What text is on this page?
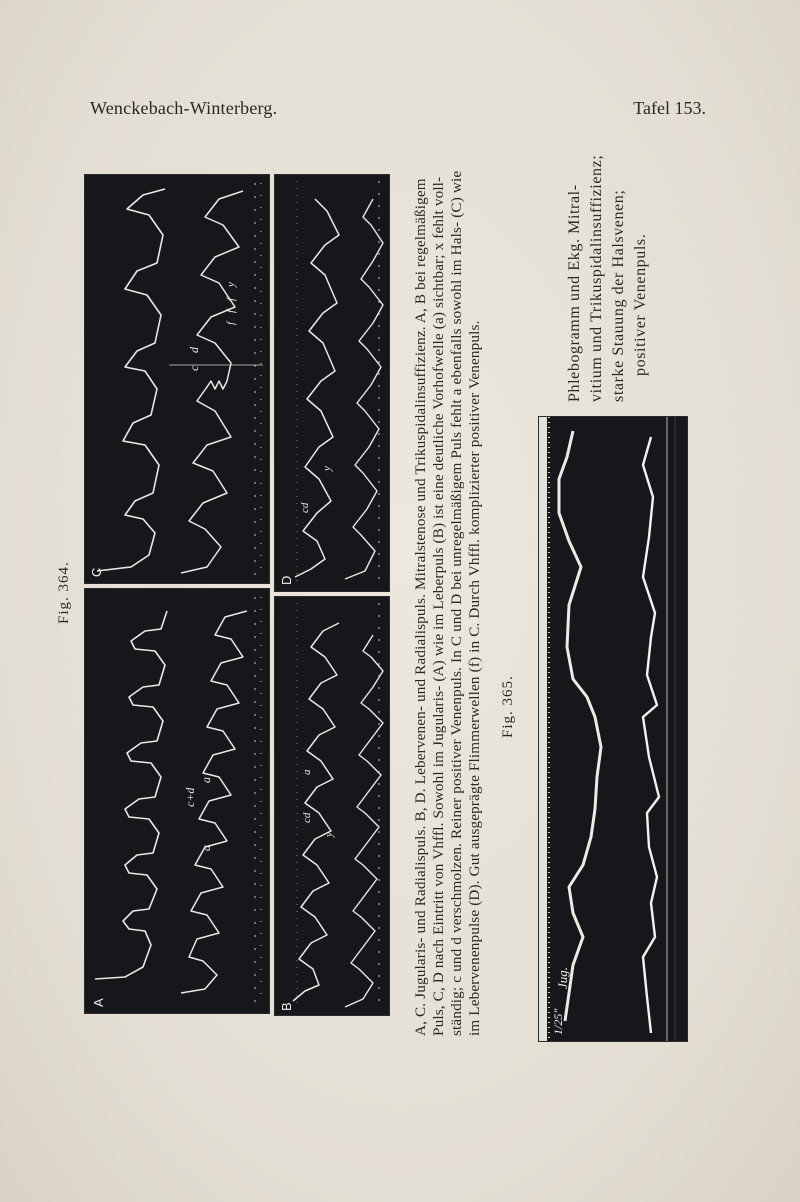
Wenckebach-Winterberg.	Tafel 153.
Fig. 364.
A
c+d
a
a
B
a
cd
y
C
c
d
f
f
f
y
D
cd
y	A, C. Jugularis- und Radialispuls. B, D. Lebervenen- und Radialispuls. Mitralstenose und Trikuspidalinsuffizienz. A, B bei regelmäßigem Puls, C, D nach Eintritt von Vhffl. Sowohl im Jugularis- (A) wie im Leberpuls (B) ist eine deutliche Vorhofwelle (a) sichtbar; x fehlt voll- ständig; c und d verschmolzen. Reiner positiver Venenpuls. In C und D bei unregelmäßigem Puls fehlt a ebenfalls sowohl im Hals- (C) wie im Lebervenenpulse (D). Gut ausgeprägte Flimmerwellen (f) in C. Durch Vhffl. komplizierter positiver Venenpuls. Fig. 365.
1/25"
Jug.
Phlebogramm und Ekg. Mitral- vitium und Trikuspidalinsuffizienz; starke Stauung der Halsvenen; positiver Venenpuls.
